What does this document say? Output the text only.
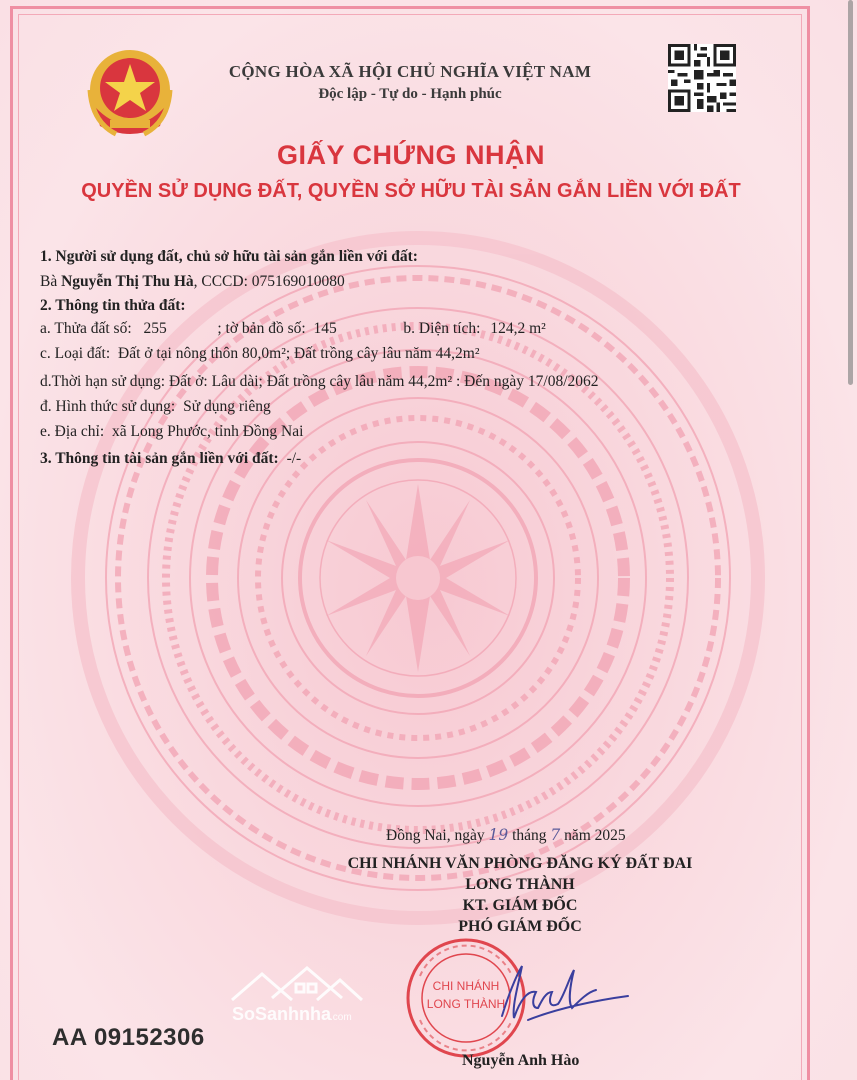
CỘNG HÒA XÃ HỘI CHỦ NGHĨA VIỆT NAM
Độc lập - Tự do - Hạnh phúc
GIẤY CHỨNG NHẬN
QUYỀN SỬ DỤNG ĐẤT, QUYỀN SỞ HỮU TÀI SẢN GẮN LIỀN VỚI ĐẤT
1. Người sử dụng đất, chủ sở hữu tài sản gắn liền với đất:
Bà Nguyễn Thị Thu Hà, CCCD: 075169010080
2. Thông tin thửa đất:
a. Thửa đất số: 255	; tờ bản đồ số: 145	b. Diện tích: 124,2 m²
c. Loại đất: Đất ở tại nông thôn 80,0m²; Đất trồng cây lâu năm 44,2m²
d.Thời hạn sử dụng: Đất ở: Lâu dài; Đất trồng cây lâu năm 44,2m² : Đến ngày 17/08/2062
đ. Hình thức sử dụng: Sử dụng riêng
e. Địa chỉ: xã Long Phước, tỉnh Đồng Nai
3. Thông tin tài sản gắn liền với đất: -/-
Đồng Nai, ngày 19 tháng 7 năm 2025
CHI NHÁNH VĂN PHÒNG ĐĂNG KÝ ĐẤT ĐAI
LONG THÀNH
KT. GIÁM ĐỐC
PHÓ GIÁM ĐỐC
SoSanhnha
.com
CHI NHÁNH
LONG THÀNH
AA 09152306
Nguyễn Anh Hào
